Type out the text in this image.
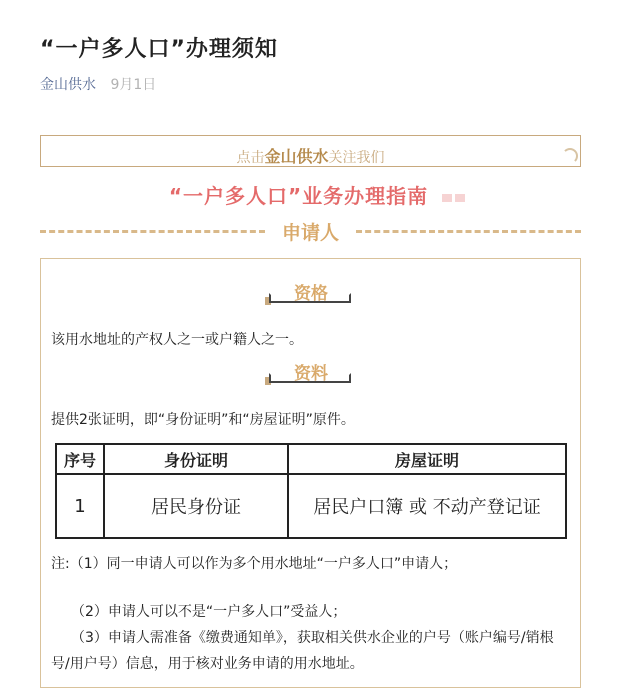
“一户多人口”办理须知
金山供水 9月1日
点击金山供水关注我们
“一户多人口”业务办理指南
申请人
资格
该用水地址的产权人之一或户籍人之一。
资料
提供2张证明，即“身份证明”和“房屋证明”原件。
序号	身份证明	房屋证明
1	居民身份证	居民户口簿 或 不动产登记证
注:（1）同一申请人可以作为多个用水地址“一户多人口”申请人；
（2）申请人可以不是“一户多人口”受益人；
（3）申请人需准备《缴费通知单》，获取相关供水企业的户号（账户编号/销根号/用户号）信息，用于核对业务申请的用水地址。
